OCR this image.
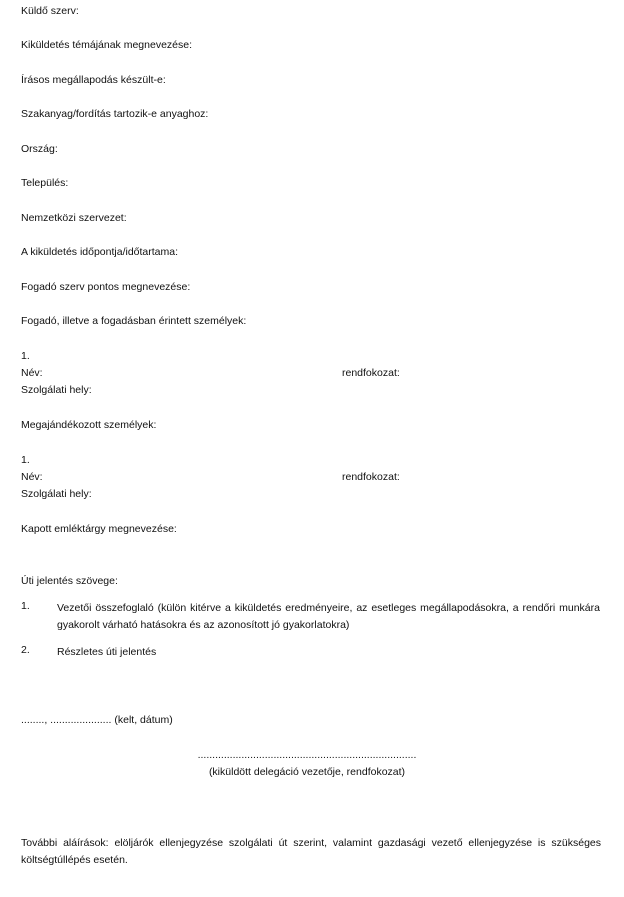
Küldő szerv:
Kiküldetés témájának megnevezése:
Írásos megállapodás készült-e:
Szakanyag/fordítás tartozik-e anyaghoz:
Ország:
Település:
Nemzetközi szervezet:
A kiküldetés időpontja/időtartama:
Fogadó szerv pontos megnevezése:
Fogadó, illetve a fogadásban érintett személyek:
1.
Név:	rendfokozat:
Szolgálati hely:
Megajándékozott személyek:
1.
Név:	rendfokozat:
Szolgálati hely:
Kapott emléktárgy megnevezése:
Úti jelentés szövege:
1.	Vezetői összefoglaló (külön kitérve a kiküldetés eredményeire, az esetleges megállapodásokra, a rendőri munkára gyakorolt várható hatásokra és az azonosított jó gyakorlatokra)
2.	Részletes úti jelentés
........, ..................... (kelt, dátum)
...........................................................................
(kiküldött delegáció vezetője, rendfokozat)
További aláírások: elöljárók ellenjegyzése szolgálati út szerint, valamint gazdasági vezető ellenjegyzése is szükséges költségtúllépés esetén.
